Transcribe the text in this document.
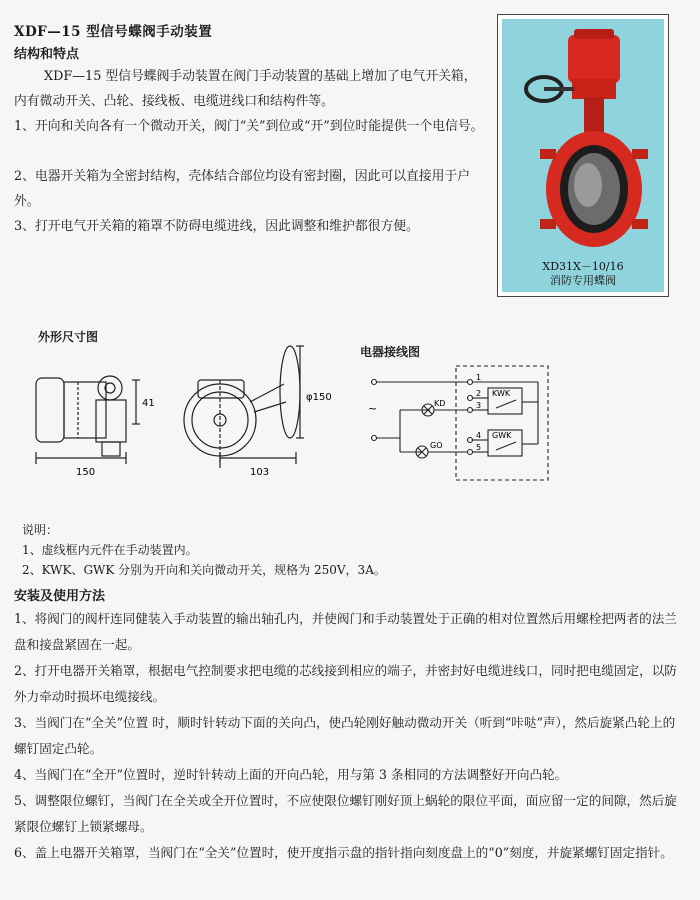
XDF—15 型信号蝶阀手动装置
结构和特点
XDF—15 型信号蝶阀手动装置在阀门手动装置的基础上增加了电气开关箱，内有微动开关、凸轮、接线板、电缆进线口和结构件等。
1、开向和关向各有一个微动开关，阀门“关”到位或“开”到位时能提供一个电信号。
2、电器开关箱为全密封结构，壳体结合部位均设有密封圈，因此可以直接用于户外。
3、打开电气开关箱的箱罩不防碍电缆进线，因此调整和维护都很方便。
XD31X－10/16
消防专用蝶阀
外形尺寸图
150
41
103
φ150
电器接线图
~	KD
GO
1
2
3
4
5
KWK
GWK
说明：
1、虚线框内元件在手动装置内。
2、KWK、GWK 分别为开向和关向微动开关，规格为 250V，3A。
安装及使用方法
1、将阀门的阀杆连同健装入手动装置的输出轴孔内，并使阀门和手动装置处于正确的相对位置然后用螺栓把两者的法兰盘和接盘紧固在一起。
2、打开电器开关箱罩，根据电气控制要求把电缆的芯线接到相应的端子，并密封好电缆进线口，同时把电缆固定，以防外力牵动时损坏电缆接线。
3、当阀门在“全关”位置 时，顺时针转动下面的关向凸，使凸轮刚好触动微动开关（听到“咔哒”声），然后旋紧凸轮上的螺钉固定凸轮。
4、当阀门在“全开”位置时，逆时针转动上面的开向凸轮，用与第 3 条相同的方法调整好开向凸轮。
5、调整限位螺钉，当阀门在全关或全开位置时，不应使限位螺钉刚好顶上蜗轮的限位平面，面应留一定的间隙，然后旋紧限位螺钉上锁紧螺母。
6、盖上电器开关箱罩，当阀门在“全关”位置时，使开度指示盘的指针指向刻度盘上的“0”刻度，并旋紧螺钉固定指针。
